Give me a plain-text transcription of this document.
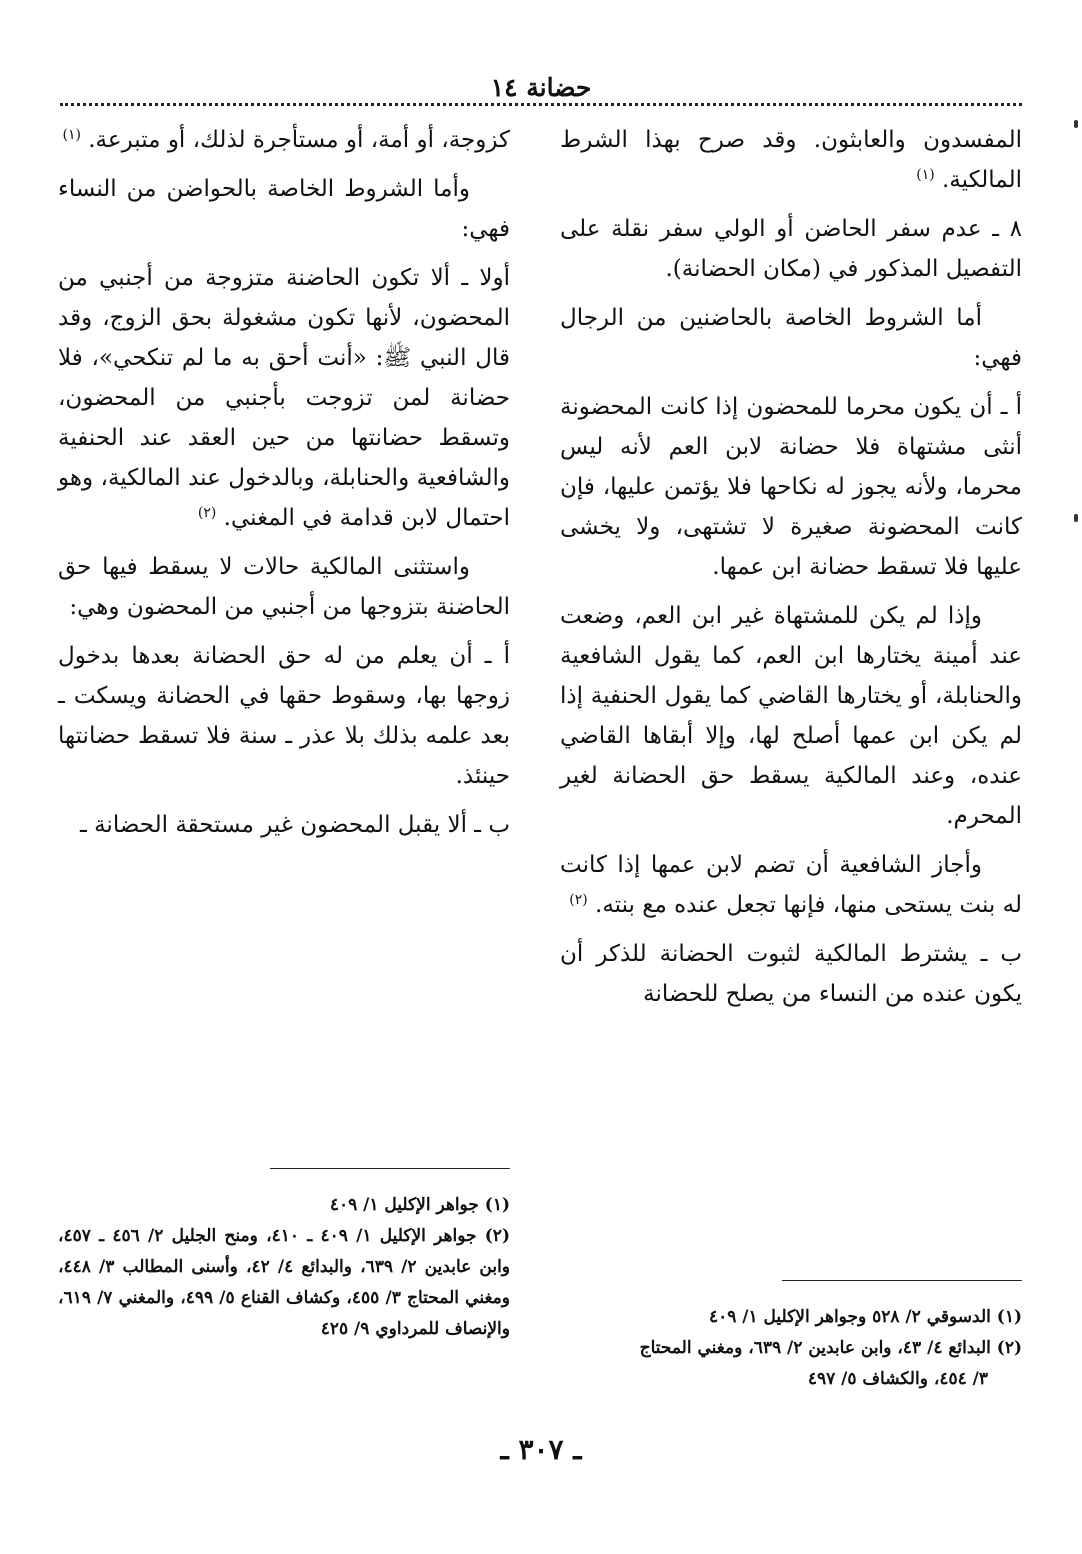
حضانة ١٤

المفسدون والعابثون. وقد صرح بهذا الشرط المالكية. $^{(١)}$

٨ ـ عدم سفر الحاضن أو الولي سفر نقلة على التفصيل المذكور في (مكان الحضانة).

أما الشروط الخاصة بالحاضنين من الرجال فهي:

أ ـ أن يكون محرما للمحضون إذا كانت المحضونة أنثى مشتهاة فلا حضانة لابن العم لأنه ليس محرما، ولأنه يجوز له نكاحها فلا يؤتمن عليها، فإن كانت المحضونة صغيرة لا تشتهى، ولا يخشى عليها فلا تسقط حضانة ابن عمها.

وإذا لم يكن للمشتهاة غير ابن العم، وضعت عند أمينة يختارها ابن العم، كما يقول الشافعية والحنابلة، أو يختارها القاضي كما يقول الحنفية إذا لم يكن ابن عمها أصلح لها، وإلا أبقاها القاضي عنده، وعند المالكية يسقط حق الحضانة لغير المحرم.

وأجاز الشافعية أن تضم لابن عمها إذا كانت له بنت يستحى منها، فإنها تجعل عنده مع بنته. $^{(٢)}$

ب ـ يشترط المالكية لثبوت الحضانة للذكر أن يكون عنده من النساء من يصلح للحضانة

كزوجة، أو أمة، أو مستأجرة لذلك، أو متبرعة. $^{(١)}$

وأما الشروط الخاصة بالحواضن من النساء فهي:

أولا ـ ألا تكون الحاضنة متزوجة من أجنبي من المحضون، لأنها تكون مشغولة بحق الزوج، وقد قال النبي ﷺ: «أنت أحق به ما لم تنكحي»، فلا حضانة لمن تزوجت بأجنبي من المحضون، وتسقط حضانتها من حين العقد عند الحنفية والشافعية والحنابلة، وبالدخول عند المالكية، وهو احتمال لابن قدامة في المغني. $^{(٢)}$

واستثنى المالكية حالات لا يسقط فيها حق الحاضنة بتزوجها من أجنبي من المحضون وهي:

أ ـ أن يعلم من له حق الحضانة بعدها بدخول زوجها بها، وسقوط حقها في الحضانة ويسكت ـ بعد علمه بذلك بلا عذر ـ سنة فلا تسقط حضانتها حينئذ.

ب ـ ألا يقبل المحضون غير مستحقة الحضانة ـ

(١) جواهر الإكليل ١/ ٤٠٩
(٢) جواهر الإكليل ١/ ٤٠٩ ـ ٤١٠، ومنح الجليل ٢/ ٤٥٦ ـ ٤٥٧، وابن عابدين ٢/ ٦٣٩، والبدائع ٤/ ٤٢، وأسنى المطالب ٣/ ٤٤٨، ومغني المحتاج ٣/ ٤٥٥، وكشاف القناع ٥/ ٤٩٩، والمغني ٧/ ٦١٩، والإنصاف للمرداوي ٩/ ٤٢٥
(١) الدسوقي ٢/ ٥٢٨ وجواهر الإكليل ١/ ٤٠٩
(٢) البدائع ٤/ ٤٣، وابن عابدين ٢/ ٦٣٩، ومغني المحتاج
٣/ ٤٥٤، والكشاف ٥/ ٤٩٧
ـ ٣٠٧ ـ
